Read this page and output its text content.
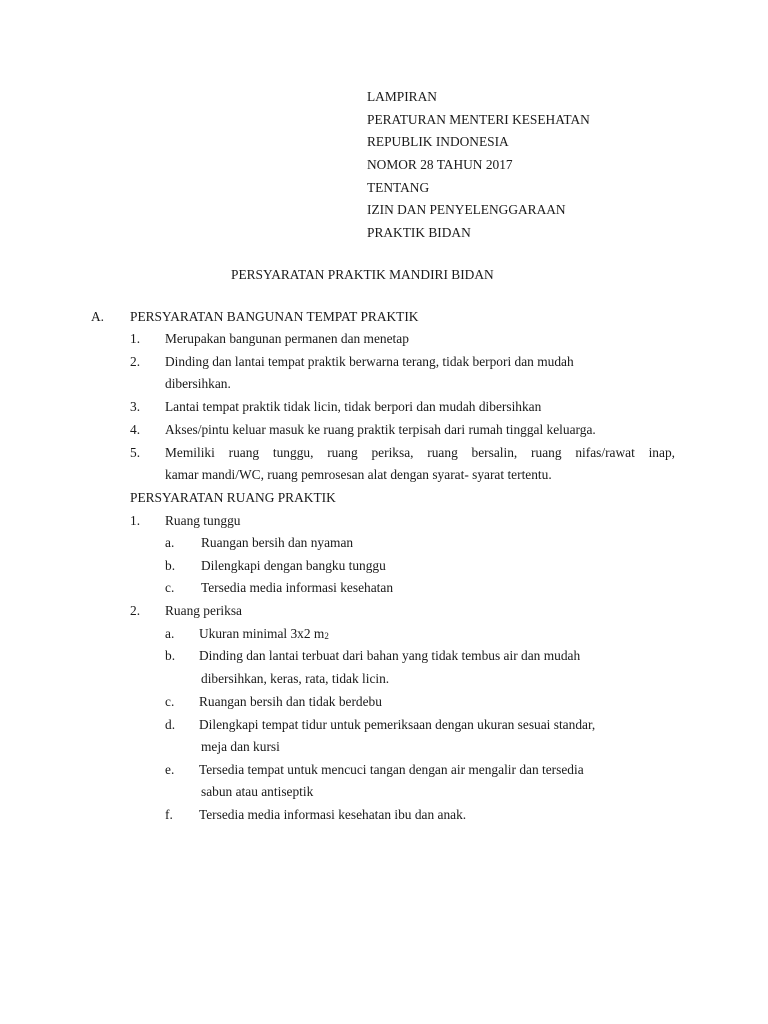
LAMPIRAN
PERATURAN MENTERI KESEHATAN
REPUBLIK INDONESIA
NOMOR 28 TAHUN 2017
TENTANG
IZIN DAN PENYELENGGARAAN
PRAKTIK BIDAN
PERSYARATAN PRAKTIK MANDIRI BIDAN
A. PERSYARATAN BANGUNAN TEMPAT PRAKTIK
1. Merupakan bangunan permanen dan menetap
2. Dinding dan lantai tempat praktik berwarna terang, tidak berpori dan mudah
dibersihkan.
3. Lantai tempat praktik tidak licin, tidak berpori dan mudah dibersihkan
4. Akses/pintu keluar masuk ke ruang praktik terpisah dari rumah tinggal keluarga.
5. Memiliki ruang tunggu, ruang periksa, ruang bersalin, ruang nifas/rawat inap,
kamar mandi/WC, ruang pemrosesan alat dengan syarat- syarat tertentu.
PERSYARATAN RUANG PRAKTIK
1. Ruang tunggu
a. Ruangan bersih dan nyaman
b. Dilengkapi dengan bangku tunggu
c. Tersedia media informasi kesehatan
2. Ruang periksa
a. Ukuran minimal 3x2 $m_2$
b. Dinding dan lantai terbuat dari bahan yang tidak tembus air dan mudah
dibersihkan, keras, rata, tidak licin.
c. Ruangan bersih dan tidak berdebu
d. Dilengkapi tempat tidur untuk pemeriksaan dengan ukuran sesuai standar,
meja dan kursi
e. Tersedia tempat untuk mencuci tangan dengan air mengalir dan tersedia
sabun atau antiseptik
f. Tersedia media informasi kesehatan ibu dan anak.
